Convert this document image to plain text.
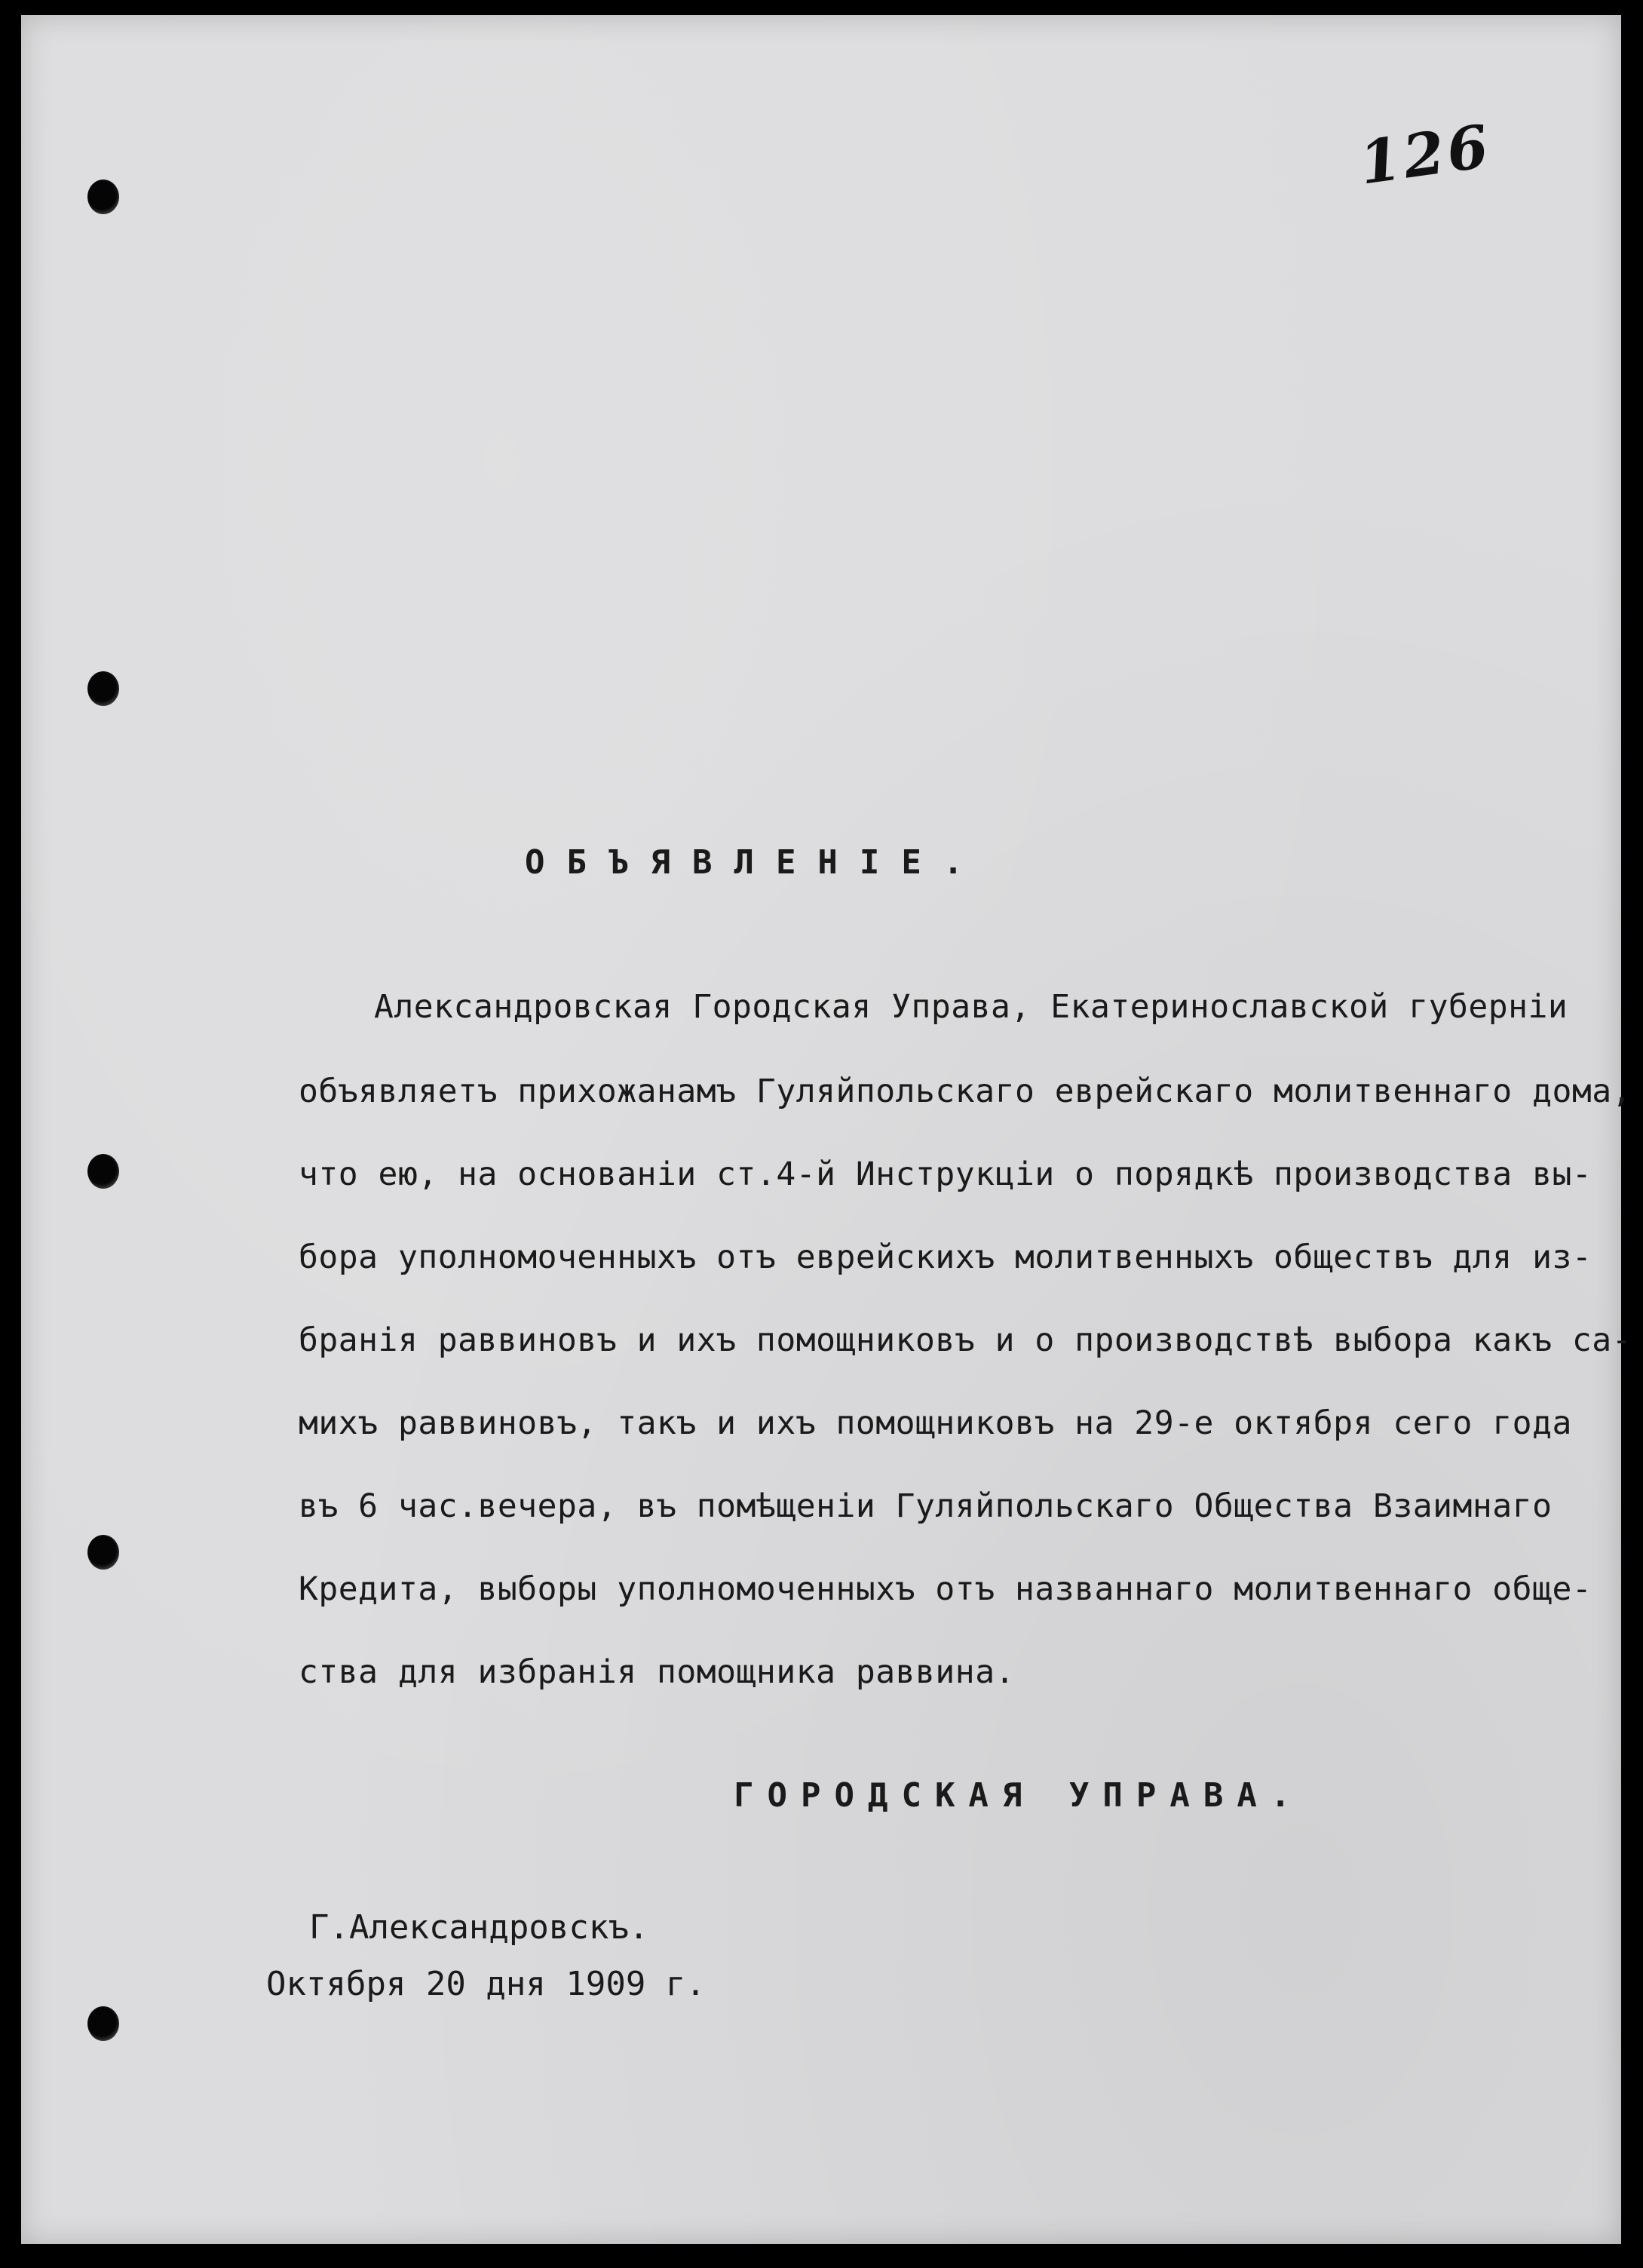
126
ОБЪЯВЛЕНІЕ.
Александровская Городская Управа, Екатеринославской губерніи
объявляетъ прихожанамъ Гуляйпольскаго еврейскаго молитвеннаго дома,
что ею, на основаніи ст.4-й Инструкціи о порядкѣ производства вы-
бора уполномоченныхъ отъ еврейскихъ молитвенныхъ обществъ для из-
бранія раввиновъ и ихъ помощниковъ и о производствѣ выбора какъ са-
михъ раввиновъ, такъ и ихъ помощниковъ на 29-е октября сего года
въ 6 час.вечера, въ помѣщеніи Гуляйпольскаго Общества Взаимнаго
Кредита, выборы уполномоченныхъ отъ названнаго молитвеннаго обще-
ства для избранія помощника раввина.
ГОРОДСКАЯ УПРАВА.
Г.Александровскъ.
Октября 20 дня 1909 г.
